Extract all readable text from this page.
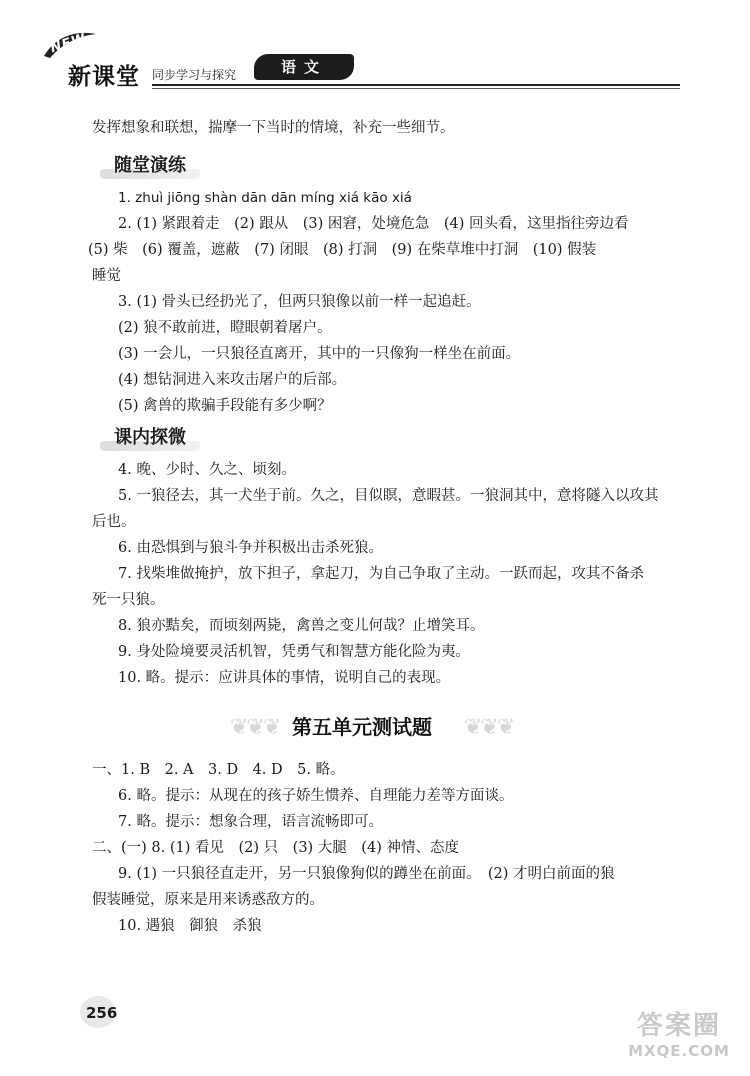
NEW
新课堂 同步学习与探究	语文
发挥想象和联想，揣摩一下当时的情境，补充一些细节。
随堂演练
1. zhuì jiōng shàn dān dān míng xiá kāo xiá
2. (1) 紧跟着走　(2) 跟从　(3) 困窘，处境危急　(4) 回头看，这里指往旁边看
(5) 柴　(6) 覆盖，遮蔽　(7) 闭眼　(8) 打洞　(9) 在柴草堆中打洞　(10) 假装
睡觉
3. (1) 骨头已经扔光了，但两只狼像以前一样一起追赶。
(2) 狼不敢前进，瞪眼朝着屠户。
(3) 一会儿，一只狼径直离开，其中的一只像狗一样坐在前面。
(4) 想钻洞进入来攻击屠户的后部。
(5) 禽兽的欺骗手段能有多少啊？
课内探微
4. 晚、少时、久之、顷刻。
5. 一狼径去，其一犬坐于前。久之，目似瞑，意暇甚。一狼洞其中，意将隧入以攻其
后也。
6. 由恐惧到与狼斗争并积极出击杀死狼。
7. 找柴堆做掩护，放下担子，拿起刀，为自己争取了主动。一跃而起，攻其不备杀
死一只狼。
8. 狼亦黠矣，而顷刻两毙，禽兽之变儿何哉？止增笑耳。
9. 身处险境要灵活机智，凭勇气和智慧方能化险为夷。
10. 略。提示：应讲具体的事情，说明自己的表现。
❦❦❦ 第五单元测试题 ❦❦❦
一、1. B　2. A　3. D　4. D　5. 略。
6. 略。提示：从现在的孩子娇生惯养、自理能力差等方面谈。
7. 略。提示：想象合理，语言流畅即可。
二、(一) 8. (1) 看见　(2) 只　(3) 大腿　(4) 神情、态度
9. (1) 一只狼径直走开，另一只狼像狗似的蹲坐在前面。　(2) 才明白前面的狼
假装睡觉，原来是用来诱惑敌方的。
10. 遇狼　御狼　杀狼
256	答案圈
MXQE.COM
